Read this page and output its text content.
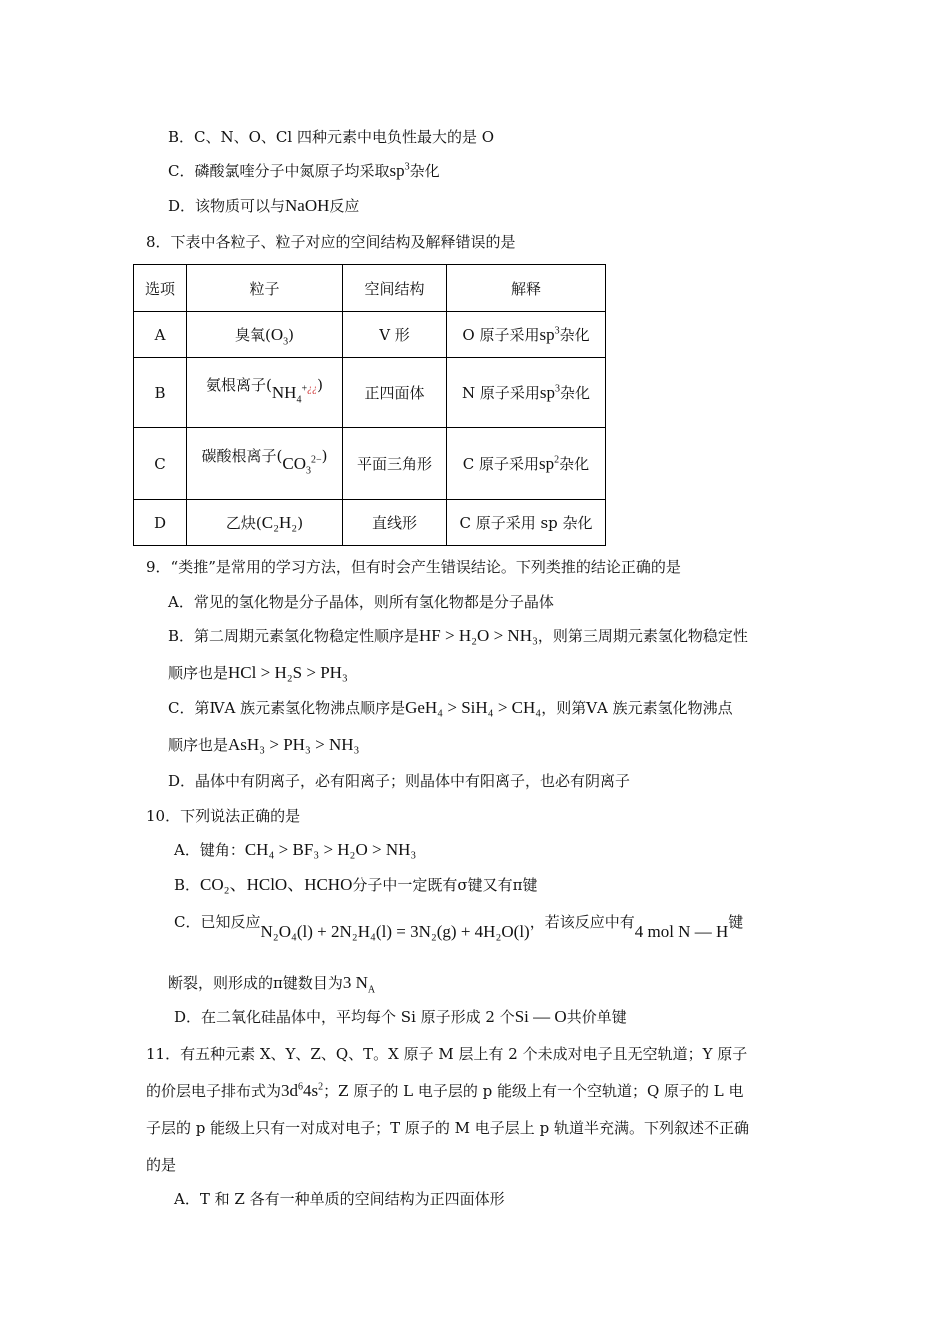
B．C、N、O、Cl 四种元素中电负性最大的是 O
C．磷酸氯喹分子中氮原子均采取$sp^3$杂化
D．该物质可以与NaOH反应
8．下表中各粒子、粒子对应的空间结构及解释错误的是
选项	粒子	空间结构	解释
A	臭氧$(O_3)$	V 形	O 原子采用$sp^3$杂化
B	氨根离子$(NH_4^{+¿¿})$	正四面体	N 原子采用$sp^3$杂化
C	碳酸根离子$(CO_3^{2-})$	平面三角形	C 原子采用$sp^2$杂化
D	乙炔(C₂H₂)	直线形	C 原子采用 sp 杂化
9．“类推”是常用的学习方法，但有时会产生错误结论。下列类推的结论正确的是
A．常见的氢化物是分子晶体，则所有氢化物都是分子晶体
B．第二周期元素氢化物稳定性顺序是HF > H₂O > NH₃，则第三周期元素氢化物稳定性
顺序也是HCl > H₂S > PH₃
C．第ⅣA 族元素氢化物沸点顺序是GeH₄ > SiH₄ > CH₄，则第ⅤA 族元素氢化物沸点
顺序也是AsH₃ > PH₃ > NH₃
D．晶体中有阴离子，必有阳离子；则晶体中有阳离子，也必有阴离子
10．下列说法正确的是
A．键角：CH₄ > BF₃ > H₂O > NH₃
B．CO₂、HClO、HCHO分子中一定既有σ键又有π键
C．已知反应N₂O₄(l) + 2N₂H₄(l) = 3N₂(g) + 4H₂O(l)，若该反应中有4 mol N — H键
断裂，则形成的π键数目为3 $N_A$
D．在二氧化硅晶体中，平均每个 Si 原子形成 2 个Si — O共价单键
11．有五种元素 X、Y、Z、Q、T。X 原子 M 层上有 2 个未成对电子且无空轨道；Y 原子
的价层电子排布式为$3d^64s^2$；Z 原子的 L 电子层的 p 能级上有一个空轨道；Q 原子的 L 电
子层的 p 能级上只有一对成对电子；T 原子的 M 电子层上 p 轨道半充满。下列叙述不正确
的是
A．T 和 Z 各有一种单质的空间结构为正四面体形
